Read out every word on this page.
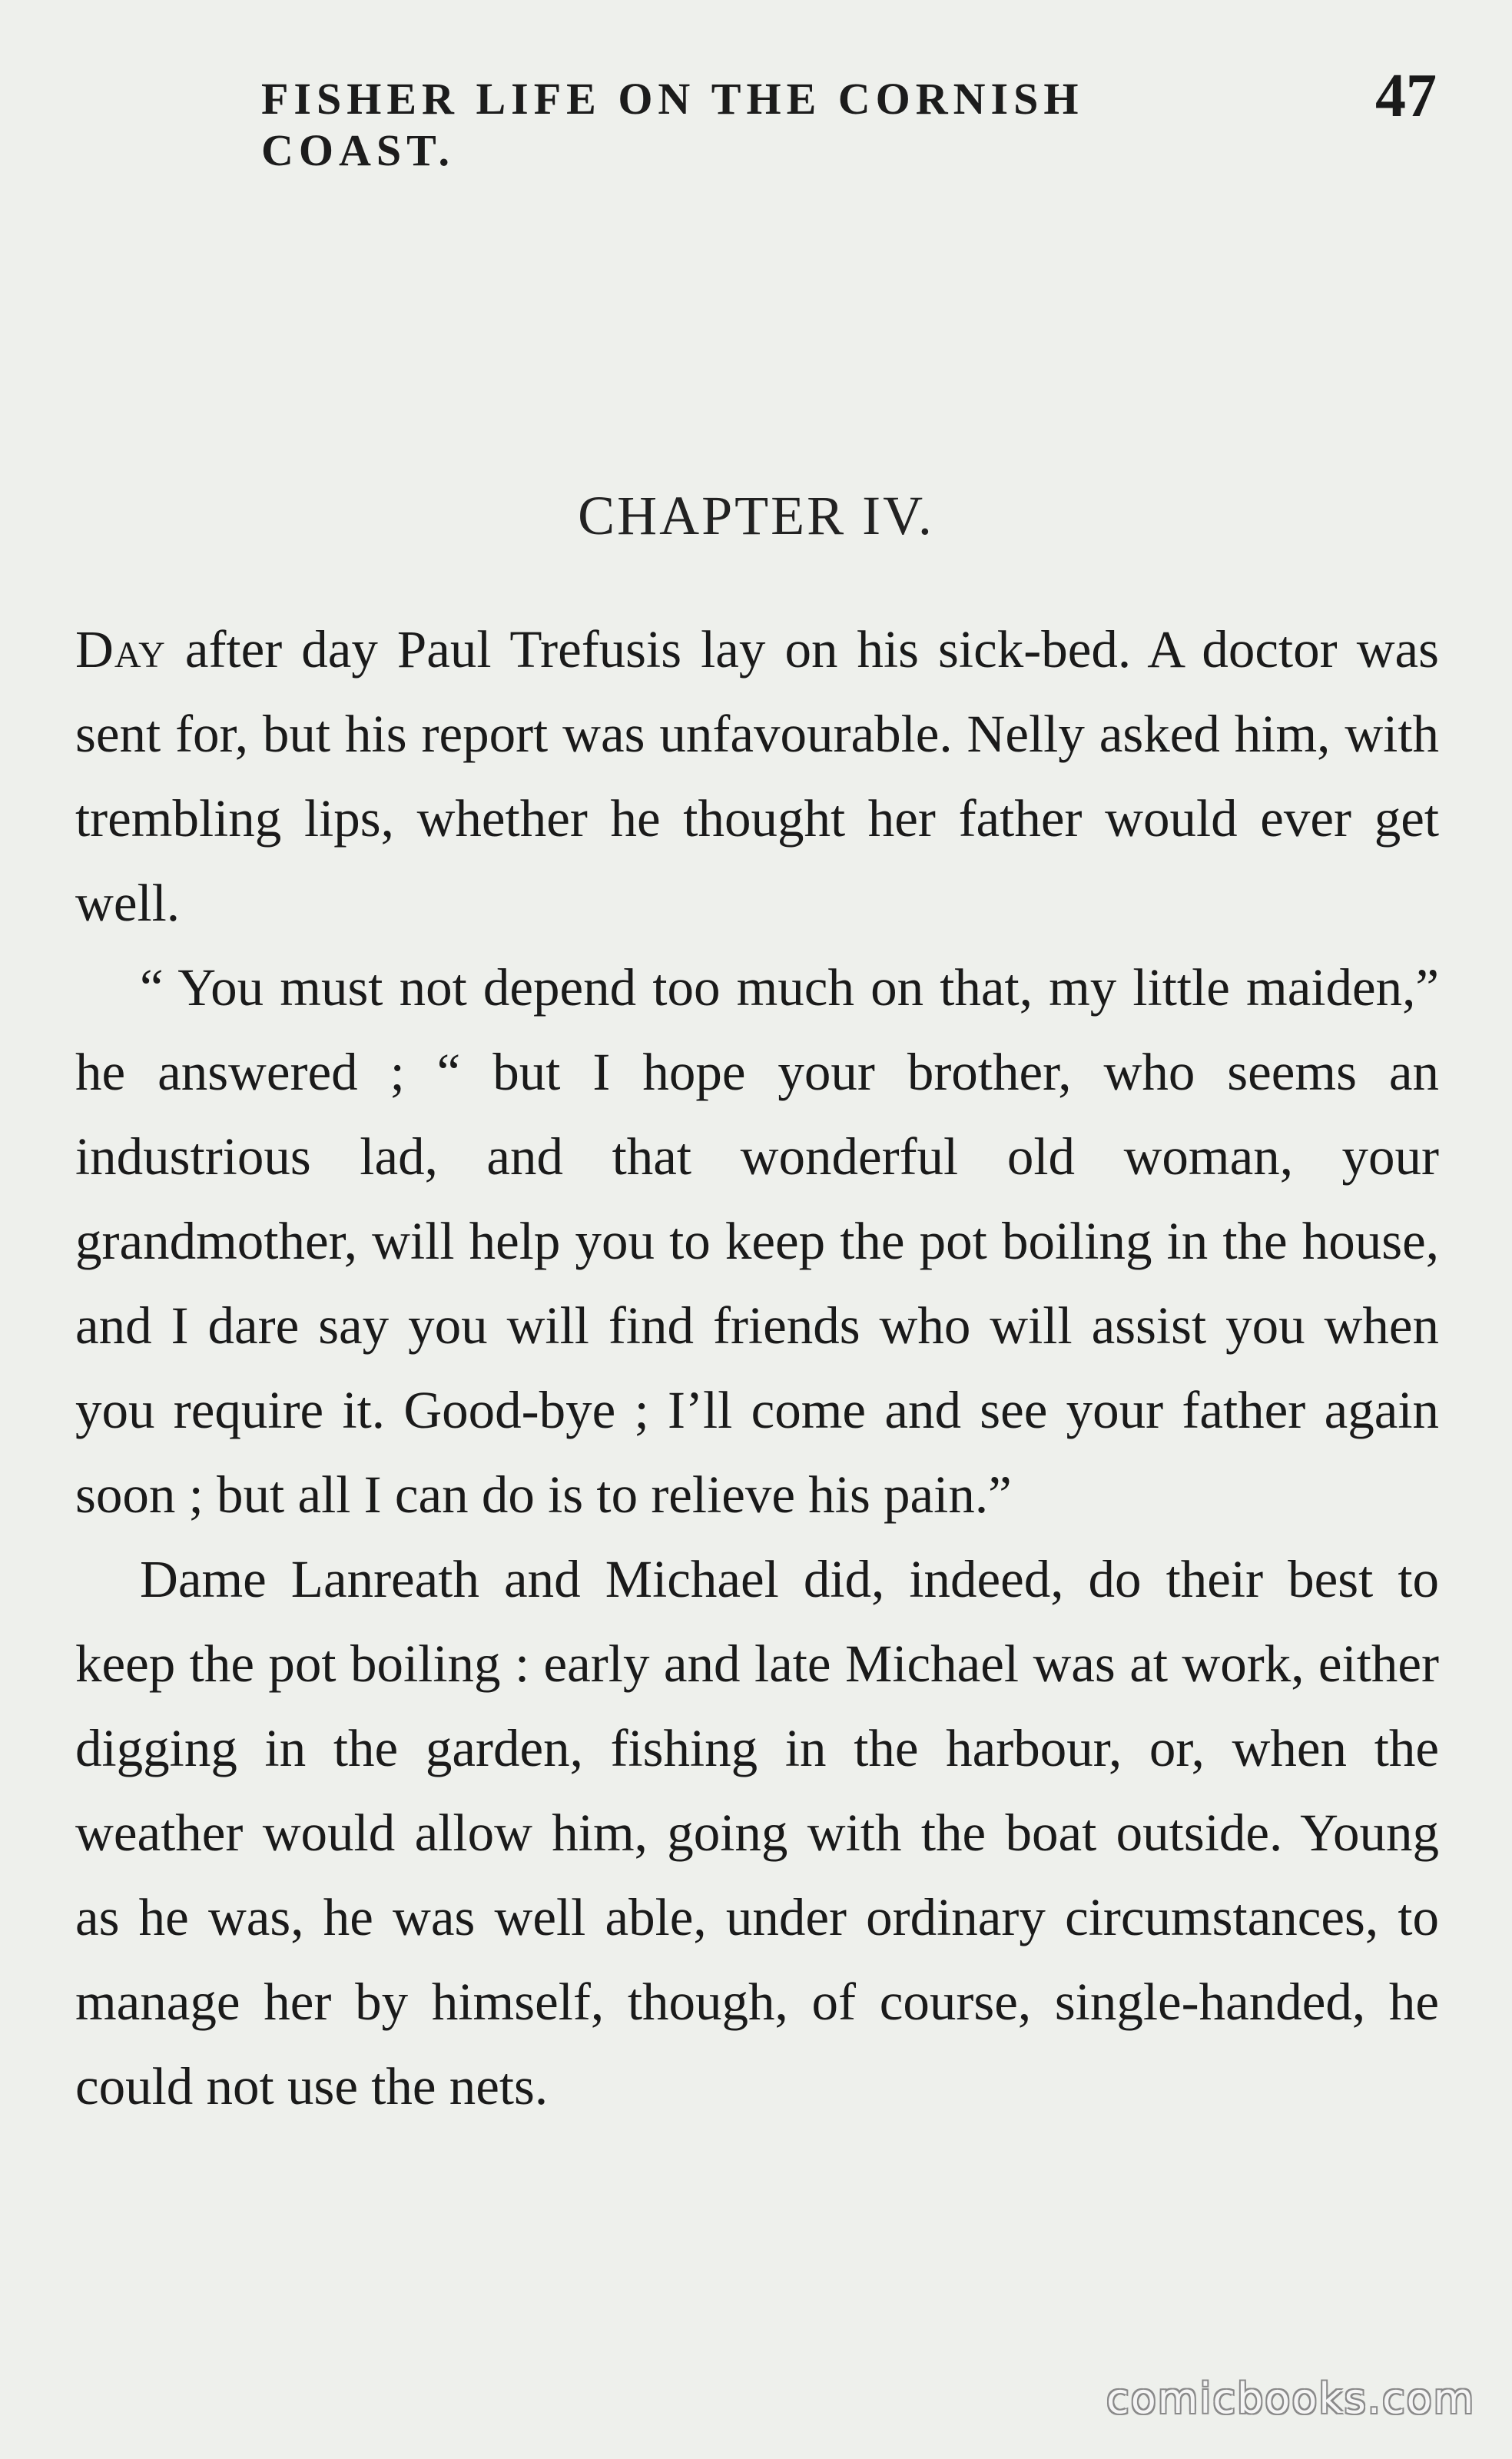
FISHER LIFE ON THE CORNISH COAST.
47
CHAPTER IV.

Day after day Paul Trefusis lay on his sick-bed. A doctor was sent for, but his report was unfavourable. Nelly asked him, with trembling lips, whether he thought her father would ever get well.

“ You must not depend too much on that, my little maiden,” he answered ; “ but I hope your brother, who seems an industrious lad, and that wonderful old woman, your grandmother, will help you to keep the pot boiling in the house, and I dare say you will find friends who will assist you when you require it. Good-bye ; I’ll come and see your father again soon ; but all I can do is to relieve his pain.”

Dame Lanreath and Michael did, indeed, do their best to keep the pot boiling : early and late Michael was at work, either digging in the garden, fishing in the harbour, or, when the weather would allow him, going with the boat outside. Young as he was, he was well able, under ordinary circumstances, to manage her by himself, though, of course, single-handed, he could not use the nets.

comicbooks.com
